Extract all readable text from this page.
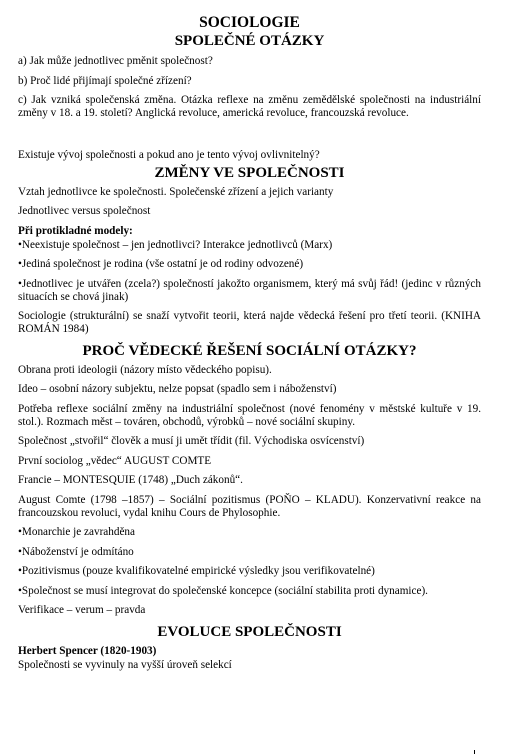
SOCIOLOGIE
SPOLEČNÉ OTÁZKY

a) Jak může jednotlivec pměnit společnost?

b) Proč lidé přijímají společné zřízení?

c) Jak vzniká společenská změna. Otázka reflexe na změnu zemědělské společnosti na industriální změny v 18. a 19. století? Anglická revoluce, americká revoluce, francouzská revoluce.

Existuje vývoj společnosti a pokud ano je tento vývoj ovlivnitelný?

ZMĚNY VE SPOLEČNOSTI

Vztah jednotlivce ke společnosti. Společenské zřízení a jejich varianty

Jednotlivec versus společnost

Při protikladné modely:

•Neexistuje společnost – jen jednotlivci? Interakce jednotlivců (Marx)

•Jediná společnost je rodina (vše ostatní je od rodiny odvozené)

•Jednotlivec je utvářen (zcela?) společností jakožto organismem, který má svůj řád! (jedinc v různých situacích se chová jinak)

Sociologie (strukturální) se snaží vytvořit teorii, která najde vědecká řešení pro třetí teorii. (KNIHA ROMÁN 1984)

PROČ VĚDECKÉ ŘEŠENÍ SOCIÁLNÍ OTÁZKY?

Obrana proti ideologii (názory místo vědeckého popisu).

Ideo – osobní názory subjektu, nelze popsat (spadlo sem i náboženství)

Potřeba reflexe sociální změny na industriální společnost (nové fenomény v městské kultuře v 19. stol.). Rozmach měst – továren, obchodů, výrobků – nové sociální skupiny.

Společnost „stvořil“ člověk a musí ji umět třídit (fil. Východiska osvícenství)

První sociolog „vědec“ AUGUST COMTE

Francie – MONTESQUIE (1748) „Duch zákonů“.

August Comte (1798 –1857) – Sociální pozitismus (POŇO – KLADU). Konzervativní reakce na francouzskou revoluci, vydal knihu Cours de Phylosophie.

•Monarchie je zavrahděna

•Náboženství je odmítáno

•Pozitivismus (pouze kvalifikovatelné empirické výsledky jsou verifikovatelné)

•Společnost se musí integrovat do společenské koncepce (sociální stabilita proti dynamice).

Verifikace – verum – pravda

EVOLUCE SPOLEČNOSTI

Herbert Spencer (1820-1903)

Společnosti se vyvinuly na vyšší úroveň selekcí
